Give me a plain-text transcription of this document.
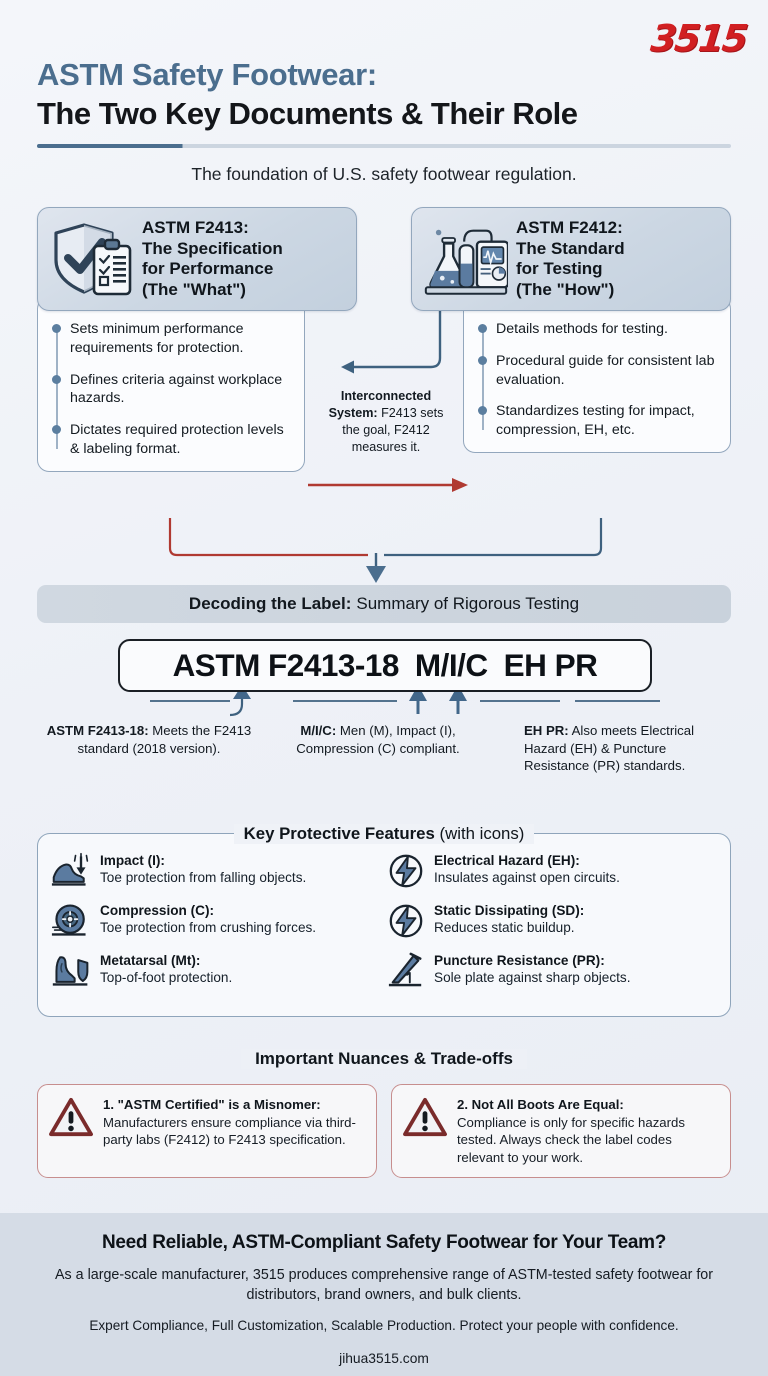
3515
ASTM Safety Footwear:
The Two Key Documents & Their Role
The foundation of U.S. safety footwear regulation.
ASTM F2413:
The Specification
for Performance
(The "What")
Sets minimum performance requirements for protection.
Defines criteria against workplace hazards.
Dictates required protection levels & labeling format.
ASTM F2412:
The Standard
for Testing
(The "How")
Details methods for testing.
Procedural guide for consistent lab evaluation.
Standardizes testing for impact, compression, EH, etc.
Interconnected System: F2413 sets the goal, F2412 measures it.
Decoding the Label: Summary of Rigorous Testing
ASTM F2413-18 M/I/C EH PR
ASTM F2413-18: Meets the F2413 standard (2018 version).
M/I/C: Men (M), Impact (I), Compression (C) compliant.
EH PR: Also meets Electrical Hazard (EH) & Puncture Resistance (PR) standards.
Key Protective Features (with icons)
Impact (I):
Toe protection from falling objects.
Electrical Hazard (EH):
Insulates against open circuits.
Compression (C):
Toe protection from crushing forces.
Static Dissipating (SD):
Reduces static buildup.
Metatarsal (Mt):
Top-of-foot protection.
Puncture Resistance (PR):
Sole plate against sharp objects.
Important Nuances & Trade-offs
1. "ASTM Certified" is a Misnomer:
Manufacturers ensure compliance via third-party labs (F2412) to F2413 specification.
2. Not All Boots Are Equal:
Compliance is only for specific hazards tested. Always check the label codes relevant to your work.
Need Reliable, ASTM-Compliant Safety Footwear for Your Team?
As a large-scale manufacturer, 3515 produces comprehensive range of ASTM-tested safety footwear for distributors, brand owners, and bulk clients.
Expert Compliance, Full Customization, Scalable Production. Protect your people with confidence.
jihua3515.com
